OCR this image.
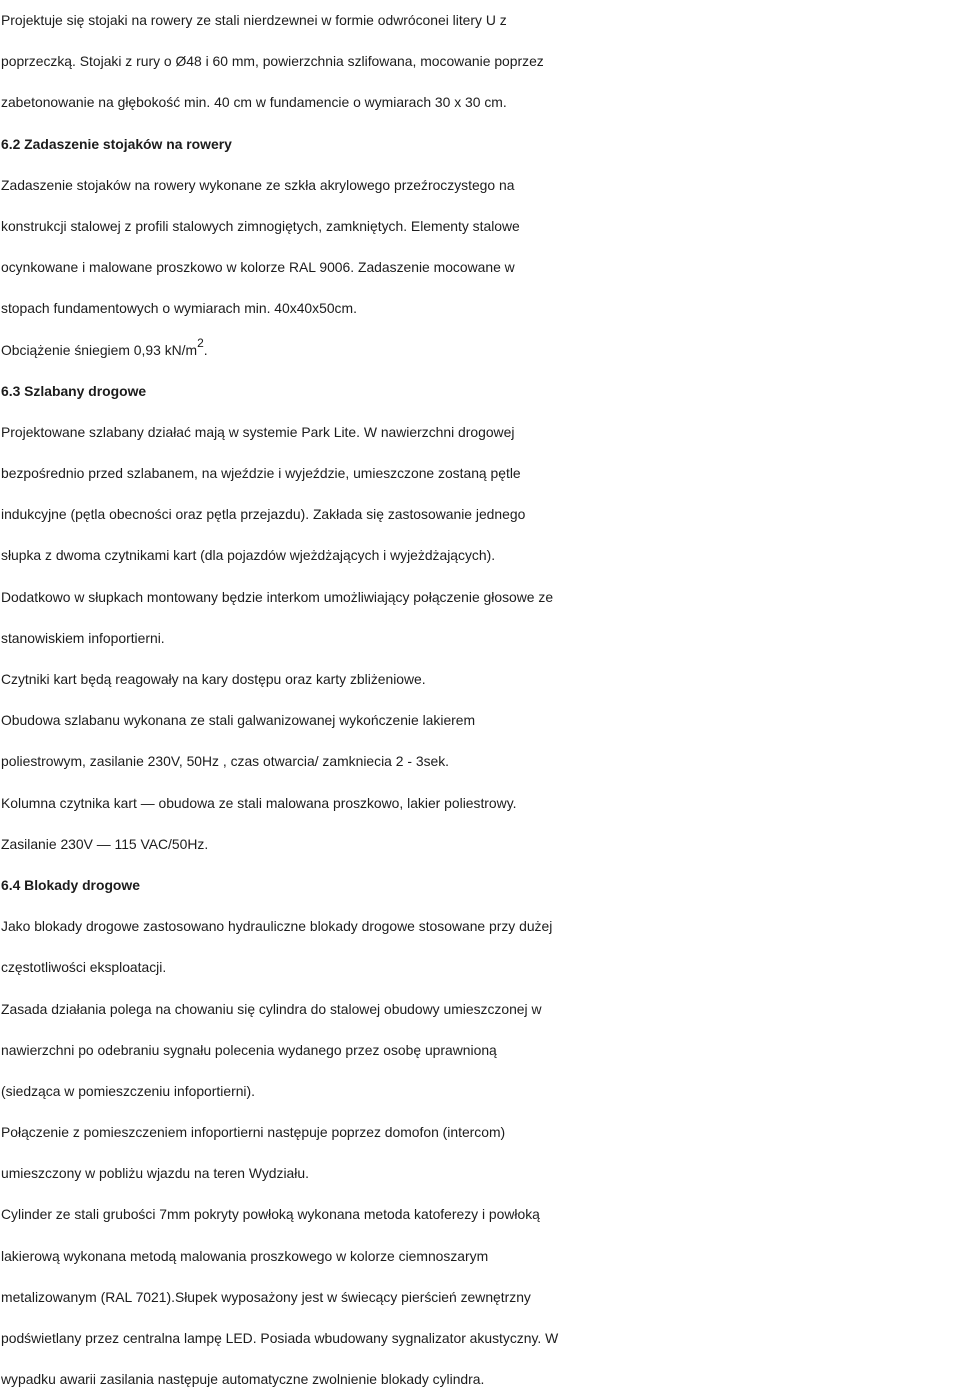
Projektuje się stojaki na rowery ze stali nierdzewnei w formie odwróconei litery U z
poprzeczką. Stojaki z rury o Ø48 i 60 mm, powierzchnia szlifowana, mocowanie poprzez
zabetonowanie na głębokość min. 40 cm w fundamencie o wymiarach 30 x 30 cm.
6.2 Zadaszenie stojaków na rowery
Zadaszenie stojaków na rowery wykonane ze szkła akrylowego przeźroczystego na
konstrukcji stalowej z profili stalowych zimnogiętych, zamkniętych. Elementy stalowe
ocynkowane i malowane proszkowo w kolorze RAL 9006. Zadaszenie mocowane w
stopach fundamentowych o wymiarach min. 40x40x50cm.
Obciążenie śniegiem 0,93 $kN/m^2$.
6.3 Szlabany drogowe
Projektowane szlabany działać mają w systemie Park Lite. W nawierzchni drogowej
bezpośrednio przed szlabanem, na wjeździe i wyjeździe, umieszczone zostaną pętle
indukcyjne (pętla obecności oraz pętla przejazdu). Zakłada się zastosowanie jednego
słupka z dwoma czytnikami kart (dla pojazdów wjeżdżających i wyjeżdżających).
Dodatkowo w słupkach montowany będzie interkom umożliwiający połączenie głosowe ze
stanowiskiem infoportierni.
Czytniki kart będą reagowały na kary dostępu oraz karty zbliżeniowe.
Obudowa szlabanu wykonana ze stali galwanizowanej wykończenie lakierem
poliestrowym, zasilanie 230V, 50Hz , czas otwarcia/ zamkniecia 2 - 3sek.
Kolumna czytnika kart — obudowa ze stali malowana proszkowo, lakier poliestrowy.
Zasilanie 230V — 115 VAC/50Hz.
6.4 Blokady drogowe
Jako blokady drogowe zastosowano hydrauliczne blokady drogowe stosowane przy dużej
częstotliwości eksploatacji.
Zasada działania polega na chowaniu się cylindra do stalowej obudowy umieszczonej w
nawierzchni po odebraniu sygnału polecenia wydanego przez osobę uprawnioną
(siedząca w pomieszczeniu infoportierni).
Połączenie z pomieszczeniem infoportierni następuje poprzez domofon (intercom)
umieszczony w pobliżu wjazdu na teren Wydziału.
Cylinder ze stali grubości 7mm pokryty powłoką wykonana metoda katoferezy i powłoką
lakierową wykonana metodą malowania proszkowego w kolorze ciemnoszarym
metalizowanym (RAL 7021).Słupek wyposażony jest w świecący pierścień zewnętrzny
podświetlany przez centralna lampę LED. Posiada wbudowany sygnalizator akustyczny. W
wypadku awarii zasilania następuje automatyczne zwolnienie blokady cylindra.
